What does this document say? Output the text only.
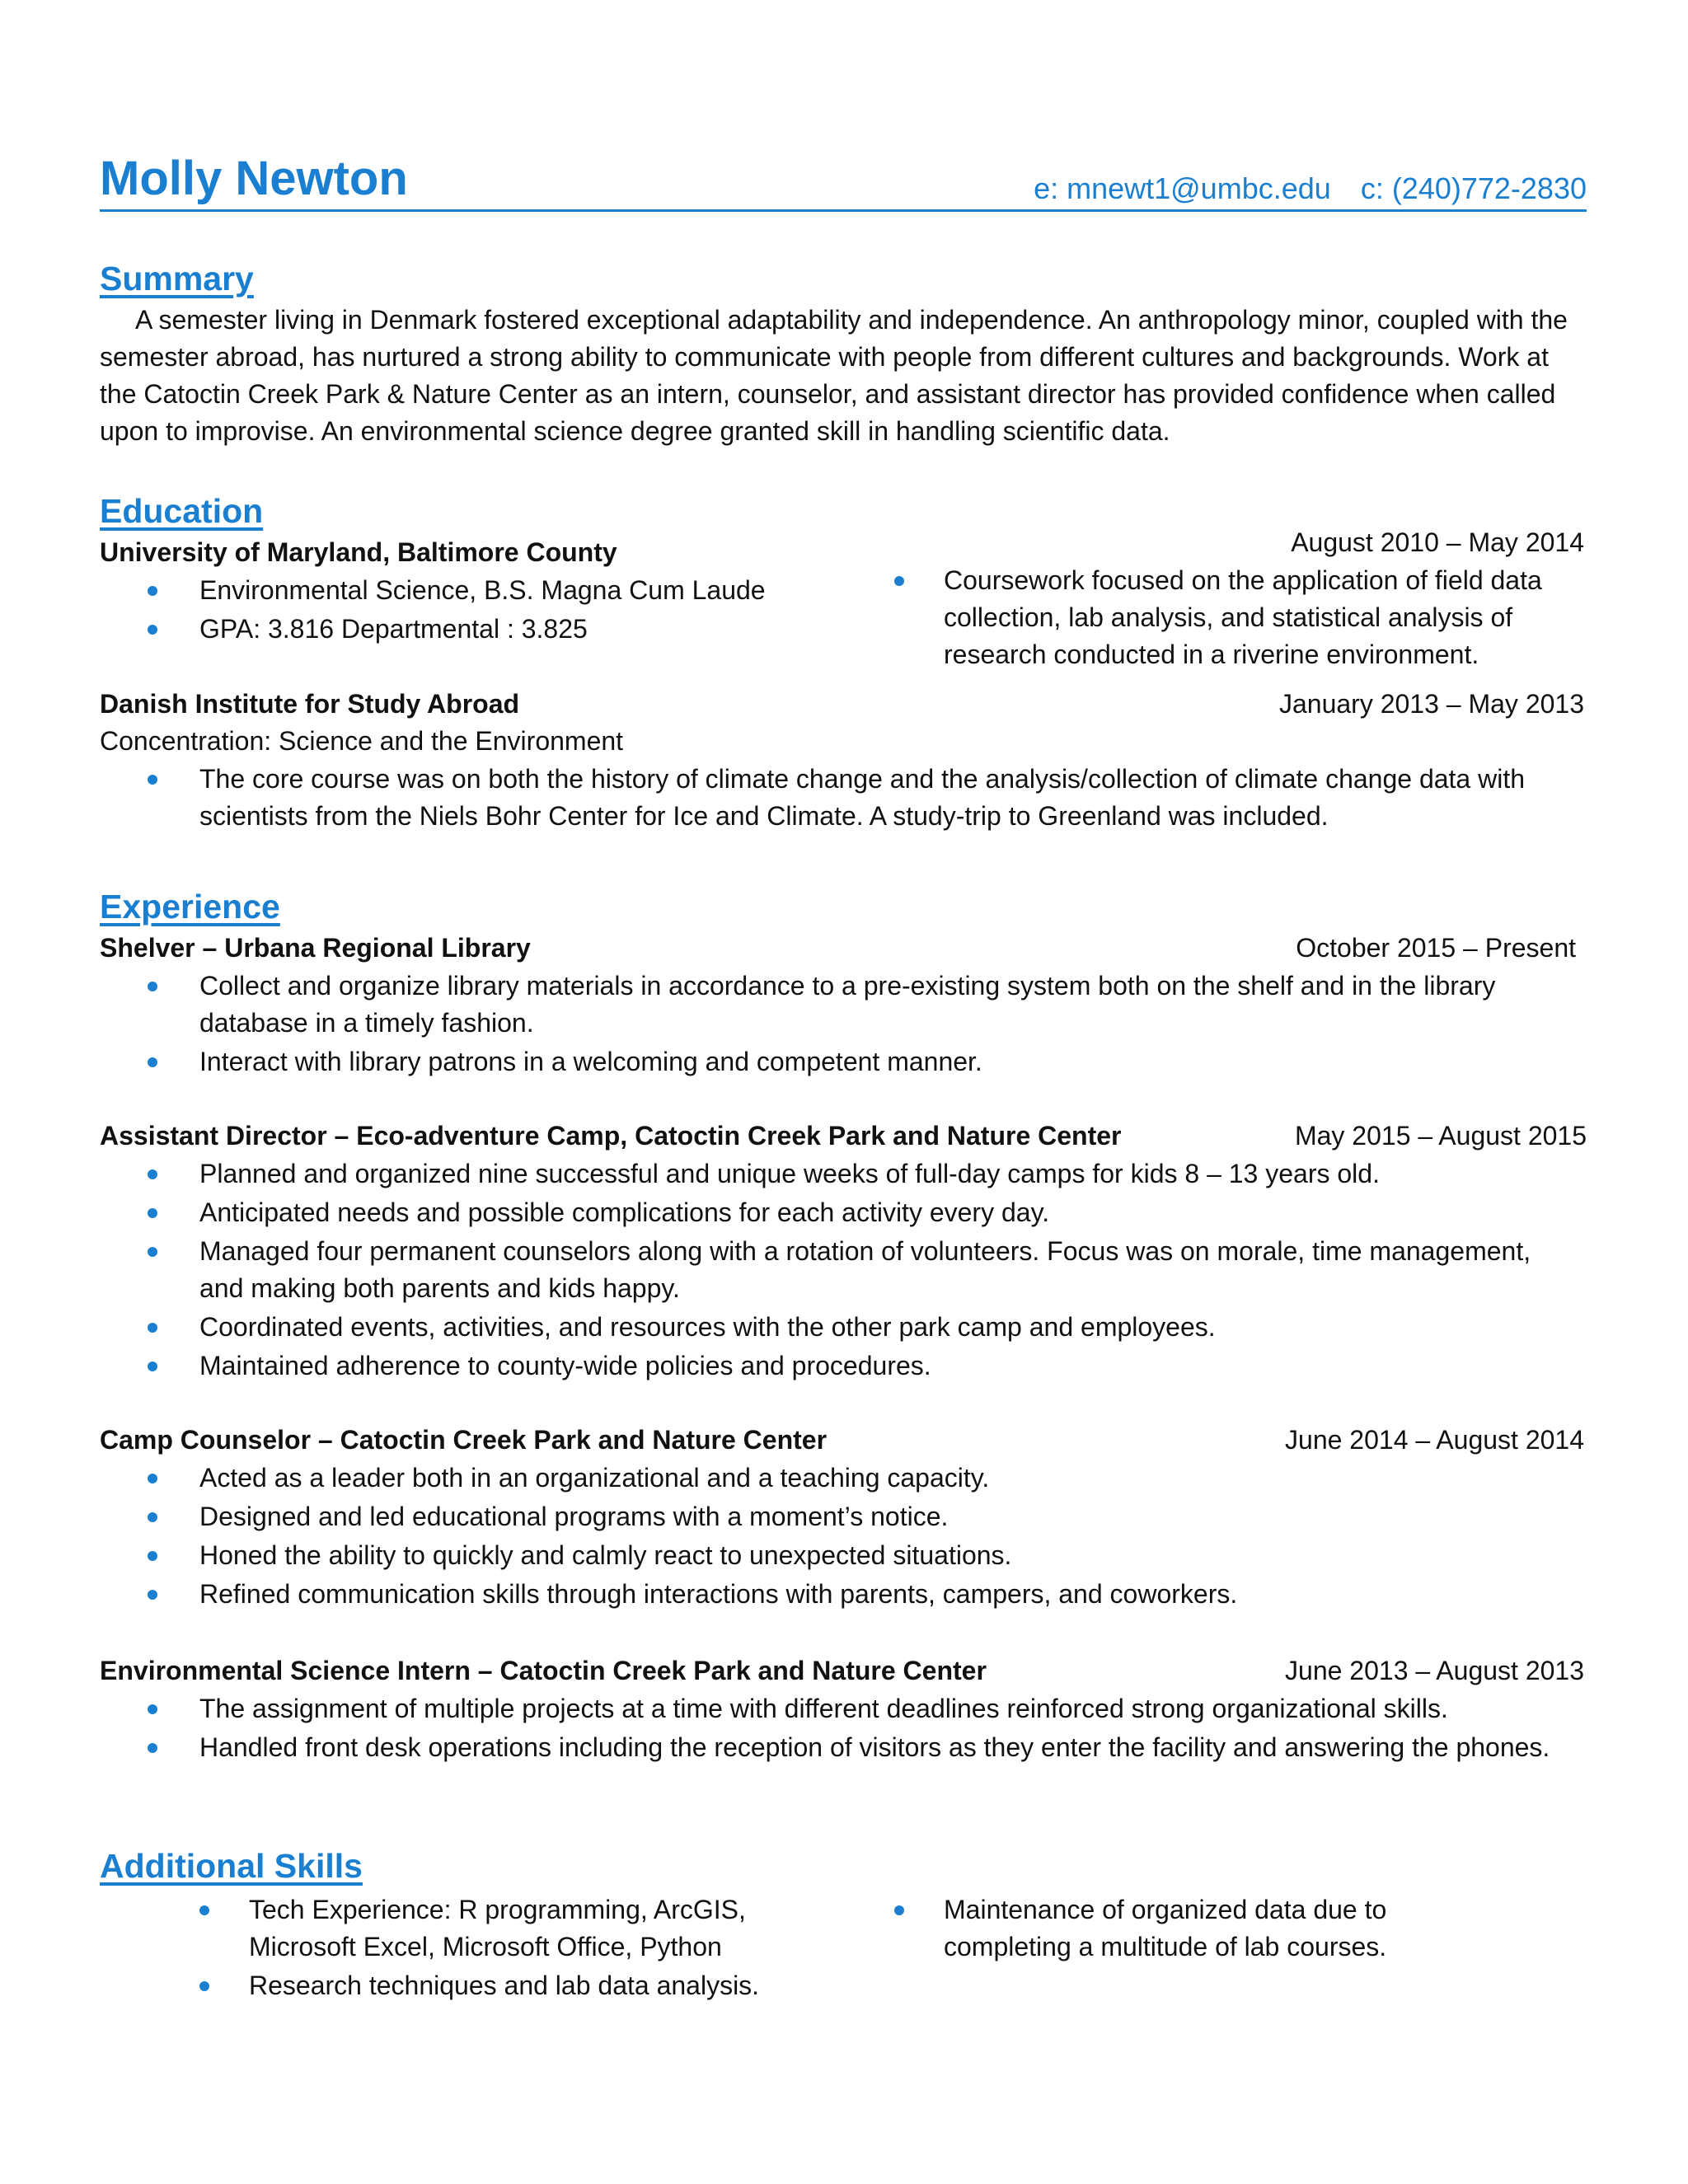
Molly Newton	e: mnewt1@umbc.edu c: (240)772-2830
Summary
A semester living in Denmark fostered exceptional adaptability and independence. An anthropology minor, coupled with the semester abroad, has nurtured a strong ability to communicate with people from different cultures and backgrounds. Work at the Catoctin Creek Park & Nature Center as an intern, counselor, and assistant director has provided confidence when called upon to improvise. An environmental science degree granted skill in handling scientific data.
Education
University of Maryland, Baltimore County	August 2010 – May 2014
Environmental Science, B.S. Magna Cum Laude
GPA: 3.816 Departmental : 3.825
Coursework focused on the application of field data collection, lab analysis, and statistical analysis of research conducted in a riverine environment.
Danish Institute for Study Abroad	January 2013 – May 2013
Concentration: Science and the Environment
The core course was on both the history of climate change and the analysis/collection of climate change data with scientists from the Niels Bohr Center for Ice and Climate. A study-trip to Greenland was included.
Experience
Shelver – Urbana Regional Library	October 2015 – Present
Collect and organize library materials in accordance to a pre-existing system both on the shelf and in the library database in a timely fashion.
Interact with library patrons in a welcoming and competent manner.
Assistant Director – Eco-adventure Camp, Catoctin Creek Park and Nature Center	May 2015 – August 2015
Planned and organized nine successful and unique weeks of full-day camps for kids 8 – 13 years old.
Anticipated needs and possible complications for each activity every day.
Managed four permanent counselors along with a rotation of volunteers. Focus was on morale, time management, and making both parents and kids happy.
Coordinated events, activities, and resources with the other park camp and employees.
Maintained adherence to county-wide policies and procedures.
Camp Counselor – Catoctin Creek Park and Nature Center	June 2014 – August 2014
Acted as a leader both in an organizational and a teaching capacity.
Designed and led educational programs with a moment’s notice.
Honed the ability to quickly and calmly react to unexpected situations.
Refined communication skills through interactions with parents, campers, and coworkers.
Environmental Science Intern – Catoctin Creek Park and Nature Center	June 2013 – August 2013
The assignment of multiple projects at a time with different deadlines reinforced strong organizational skills.
Handled front desk operations including the reception of visitors as they enter the facility and answering the phones.
Additional Skills
Tech Experience: R programming, ArcGIS, Microsoft Excel, Microsoft Office, Python
Research techniques and lab data analysis.
Maintenance of organized data due to completing a multitude of lab courses.
